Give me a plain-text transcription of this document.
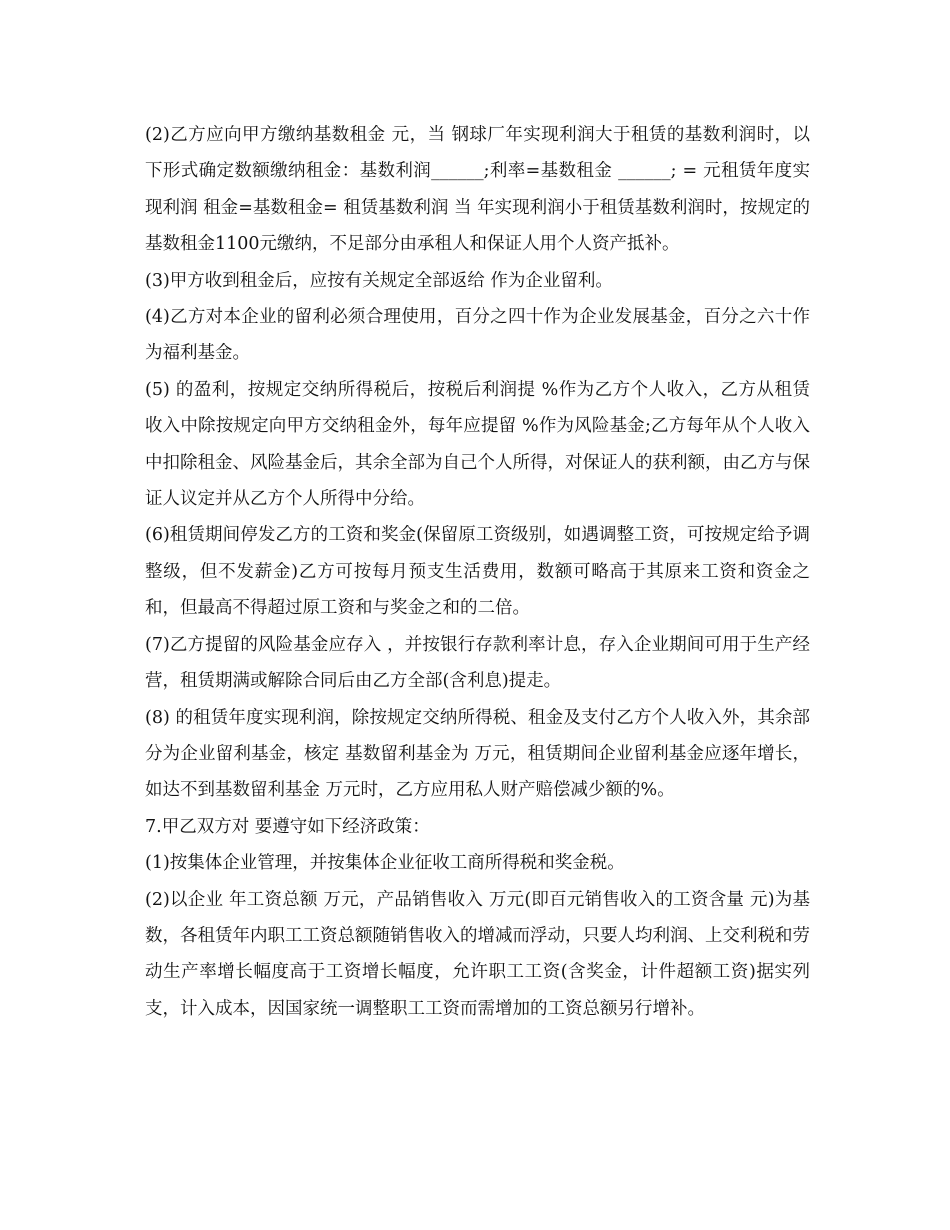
(2)乙方应向甲方缴纳基数租金 元，当 钢球厂年实现利润大于租赁的基数利润时，以下形式确定数额缴纳租金：基数利润______;利率=基数租金 ______; = 元租赁年度实现利润 租金=基数租金= 租赁基数利润 当 年实现利润小于租赁基数利润时，按规定的基数租金1100元缴纳，不足部分由承租人和保证人用个人资产抵补。

(3)甲方收到租金后，应按有关规定全部返给 作为企业留利。

(4)乙方对本企业的留利必须合理使用，百分之四十作为企业发展基金，百分之六十作为福利基金。

(5) 的盈利，按规定交纳所得税后，按税后利润提 %作为乙方个人收入，乙方从租赁收入中除按规定向甲方交纳租金外，每年应提留 %作为风险基金;乙方每年从个人收入中扣除租金、风险基金后，其余全部为自己个人所得，对保证人的获利额，由乙方与保证人议定并从乙方个人所得中分给。

(6)租赁期间停发乙方的工资和奖金(保留原工资级别，如遇调整工资，可按规定给予调整级，但不发薪金)乙方可按每月预支生活费用，数额可略高于其原来工资和资金之和，但最高不得超过原工资和与奖金之和的二倍。

(7)乙方提留的风险基金应存入 ，并按银行存款利率计息，存入企业期间可用于生产经营，租赁期满或解除合同后由乙方全部(含利息)提走。

(8) 的租赁年度实现利润，除按规定交纳所得税、租金及支付乙方个人收入外，其余部分为企业留利基金，核定 基数留利基金为 万元，租赁期间企业留利基金应逐年增长，如达不到基数留利基金 万元时，乙方应用私人财产赔偿减少额的%。

7.甲乙双方对 要遵守如下经济政策：

(1)按集体企业管理，并按集体企业征收工商所得税和奖金税。

(2)以企业 年工资总额 万元，产品销售收入 万元(即百元销售收入的工资含量 元)为基数，各租赁年内职工工资总额随销售收入的增减而浮动，只要人均利润、上交利税和劳动生产率增长幅度高于工资增长幅度，允许职工工资(含奖金，计件超额工资)据实列支，计入成本，因国家统一调整职工工资而需增加的工资总额另行增补。
